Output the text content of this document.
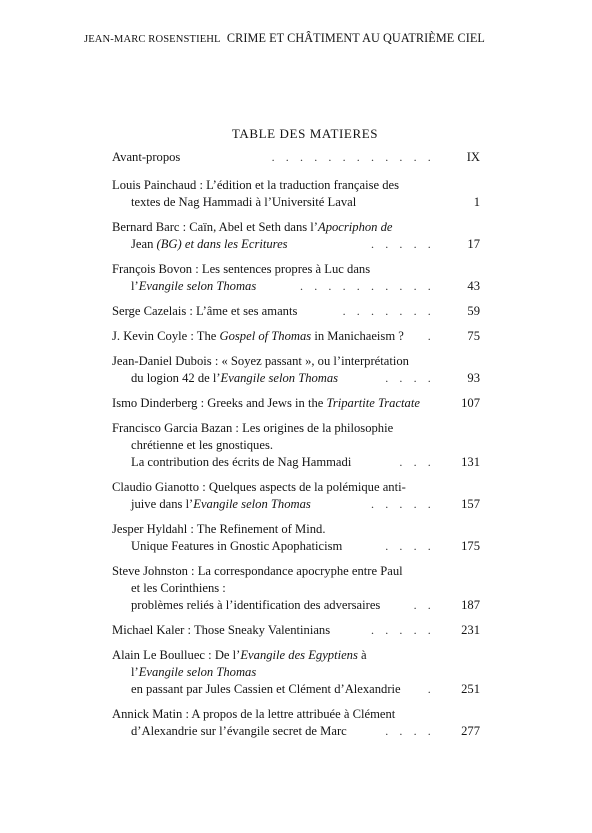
JEAN-MARC ROSENSTIEHL CRIME ET CHÂTIMENT AU QUATRIÈME CIEL
TABLE DES MATIERES
Avant-propos	............ IX
Louis Painchaud : L’édition et la traduction française des
textes de Nag Hammadi à l’Université Laval	1
Bernard Barc : Caïn, Abel et Seth dans l’Apocriphon de
Jean (BG) et dans les Ecritures	..... 17
François Bovon : Les sentences propres à Luc dans
l’Evangile selon Thomas	.......... 43
Serge Cazelais : L’âme et ses amants	....... 59
J. Kevin Coyle : The Gospel of Thomas in Manichaeism ?	. 75
Jean-Daniel Dubois : « Soyez passant », ou l’interprétation
du logion 42 de l’Evangile selon Thomas	.... 93
Ismo Dinderberg : Greeks and Jews in the Tripartite Tractate	107
Francisco Garcia Bazan : Les origines de la philosophie
chrétienne et les gnostiques.
La contribution des écrits de Nag Hammadi	... 131
Claudio Gianotto : Quelques aspects de la polémique anti-
juive dans l’Evangile selon Thomas	..... 157
Jesper Hyldahl : The Refinement of Mind.
Unique Features in Gnostic Apophaticism	.... 175
Steve Johnston : La correspondance apocryphe entre Paul
et les Corinthiens :
problèmes reliés à l’identification des adversaires	.. 187
Michael Kaler : Those Sneaky Valentinians	..... 231
Alain Le Boulluec : De l’Evangile des Egyptiens à
l’Evangile selon Thomas
en passant par Jules Cassien et Clément d’Alexandrie	. 251
Annick Matin : A propos de la lettre attribuée à Clément
d’Alexandrie sur l’évangile secret de Marc	.... 277
